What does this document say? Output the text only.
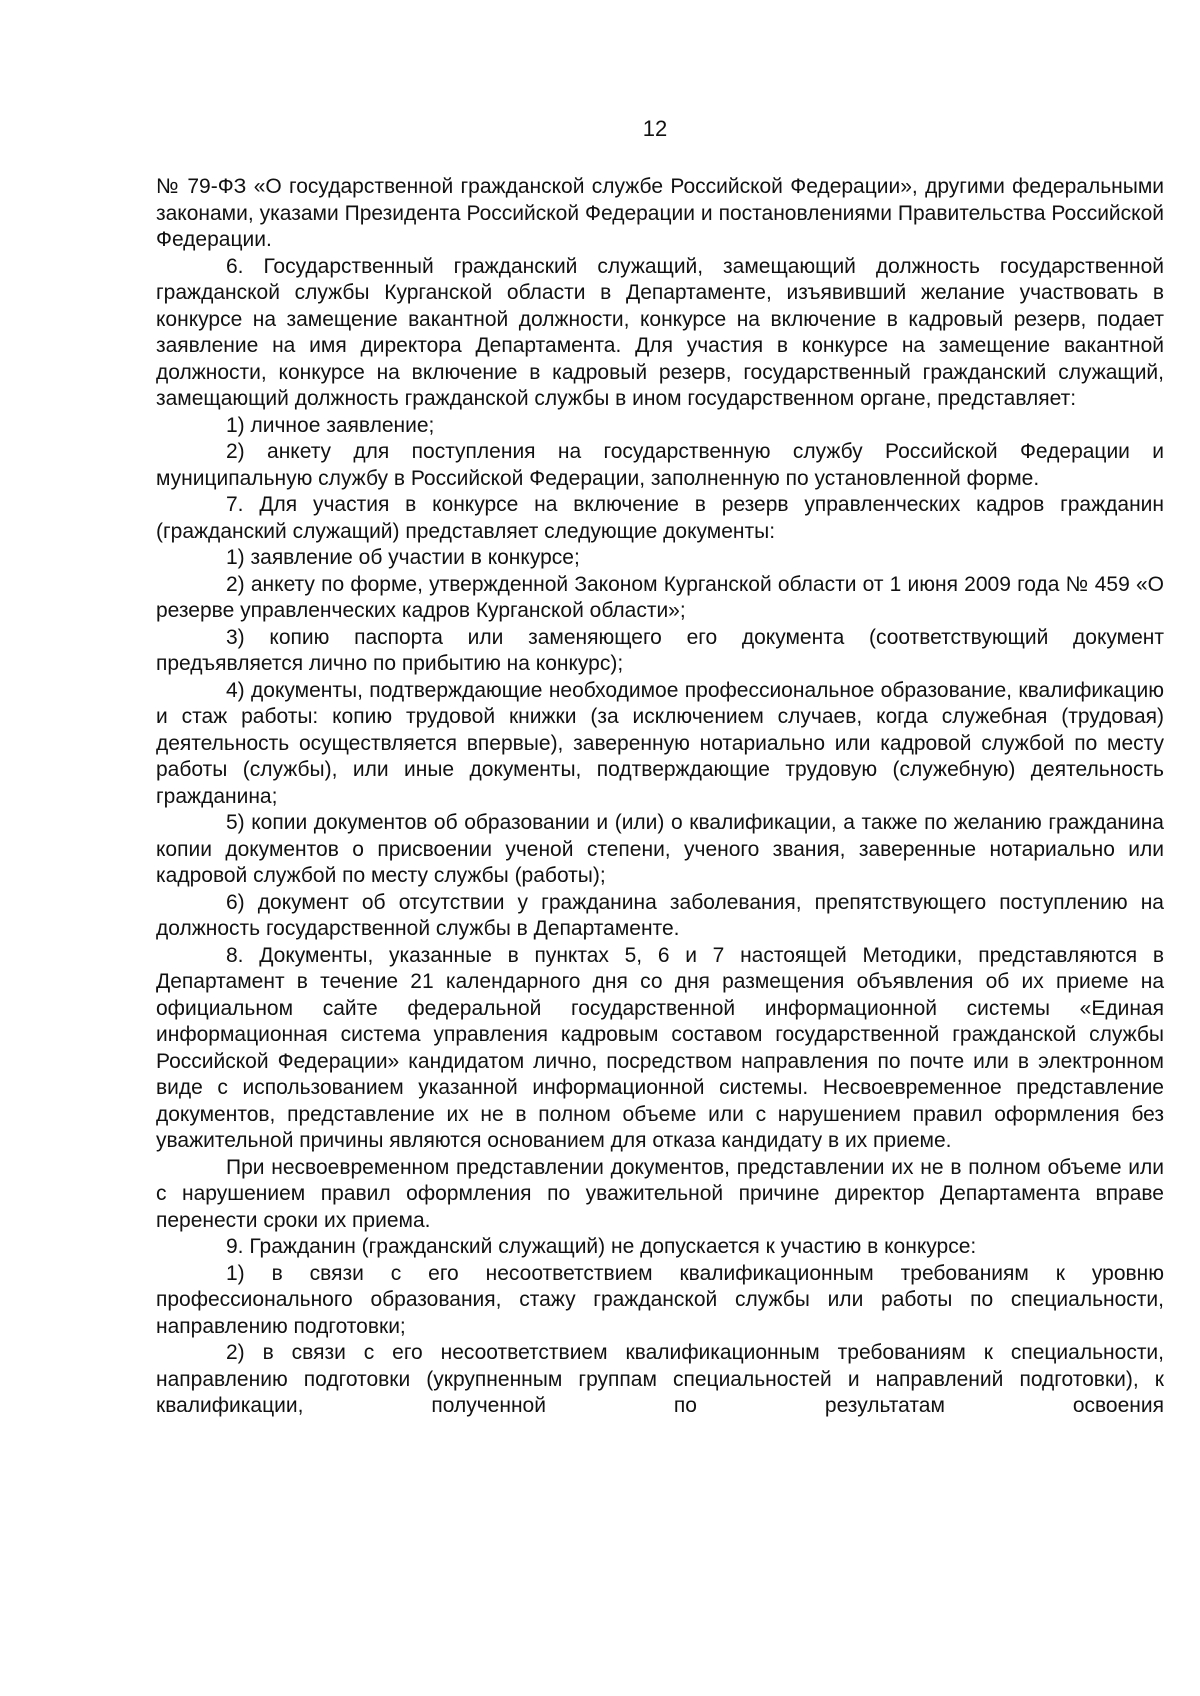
12

№ 79-ФЗ «О государственной гражданской службе Российской Федерации», другими федеральными законами, указами Президента Российской Федерации и постановлениями Правительства Российской Федерации.

6. Государственный гражданский служащий, замещающий должность государственной гражданской службы Курганской области в Департаменте, изъявивший желание участвовать в конкурсе на замещение вакантной должности, конкурсе на включение в кадровый резерв, подает заявление на имя директора Департамента. Для участия в конкурсе на замещение вакантной должности, конкурсе на включение в кадровый резерв, государственный гражданский служащий, замещающий должность гражданской службы в ином государственном органе, представляет:

1) личное заявление;

2) анкету для поступления на государственную службу Российской Федерации и муниципальную службу в Российской Федерации, заполненную по установленной форме.

7. Для участия в конкурсе на включение в резерв управленческих кадров гражданин (гражданский служащий) представляет следующие документы:

1) заявление об участии в конкурсе;

2) анкету по форме, утвержденной Законом Курганской области от 1 июня 2009 года № 459 «О резерве управленческих кадров Курганской области»;

3) копию паспорта или заменяющего его документа (соответствующий документ предъявляется лично по прибытию на конкурс);

4) документы, подтверждающие необходимое профессиональное образование, квалификацию и стаж работы: копию трудовой книжки (за исключением случаев, когда служебная (трудовая) деятельность осуществляется впервые), заверенную нотариально или кадровой службой по месту работы (службы), или иные документы, подтверждающие трудовую (служебную) деятельность гражданина;

5) копии документов об образовании и (или) о квалификации, а также по желанию гражданина копии документов о присвоении ученой степени, ученого звания, заверенные нотариально или кадровой службой по месту службы (работы);

6) документ об отсутствии у гражданина заболевания, препятствующего поступлению на должность государственной службы в Департаменте.

8. Документы, указанные в пунктах 5, 6 и 7 настоящей Методики, представляются в Департамент в течение 21 календарного дня со дня размещения объявления об их приеме на официальном сайте федеральной государственной информационной системы «Единая информационная система управления кадровым составом государственной гражданской службы Российской Федерации» кандидатом лично, посредством направления по почте или в электронном виде с использованием указанной информационной системы. Несвоевременное представление документов, представление их не в полном объеме или с нарушением правил оформления без уважительной причины являются основанием для отказа кандидату в их приеме.

При несвоевременном представлении документов, представлении их не в полном объеме или с нарушением правил оформления по уважительной причине директор Департамента вправе перенести сроки их приема.

9. Гражданин (гражданский служащий) не допускается к участию в конкурсе:

1) в связи с его несоответствием квалификационным требованиям к уровню профессионального образования, стажу гражданской службы или работы по специальности, направлению подготовки;

2) в связи с его несоответствием квалификационным требованиям к специальности, направлению подготовки (укрупненным группам специальностей и направлений подготовки), к квалификации, полученной по результатам освоения
